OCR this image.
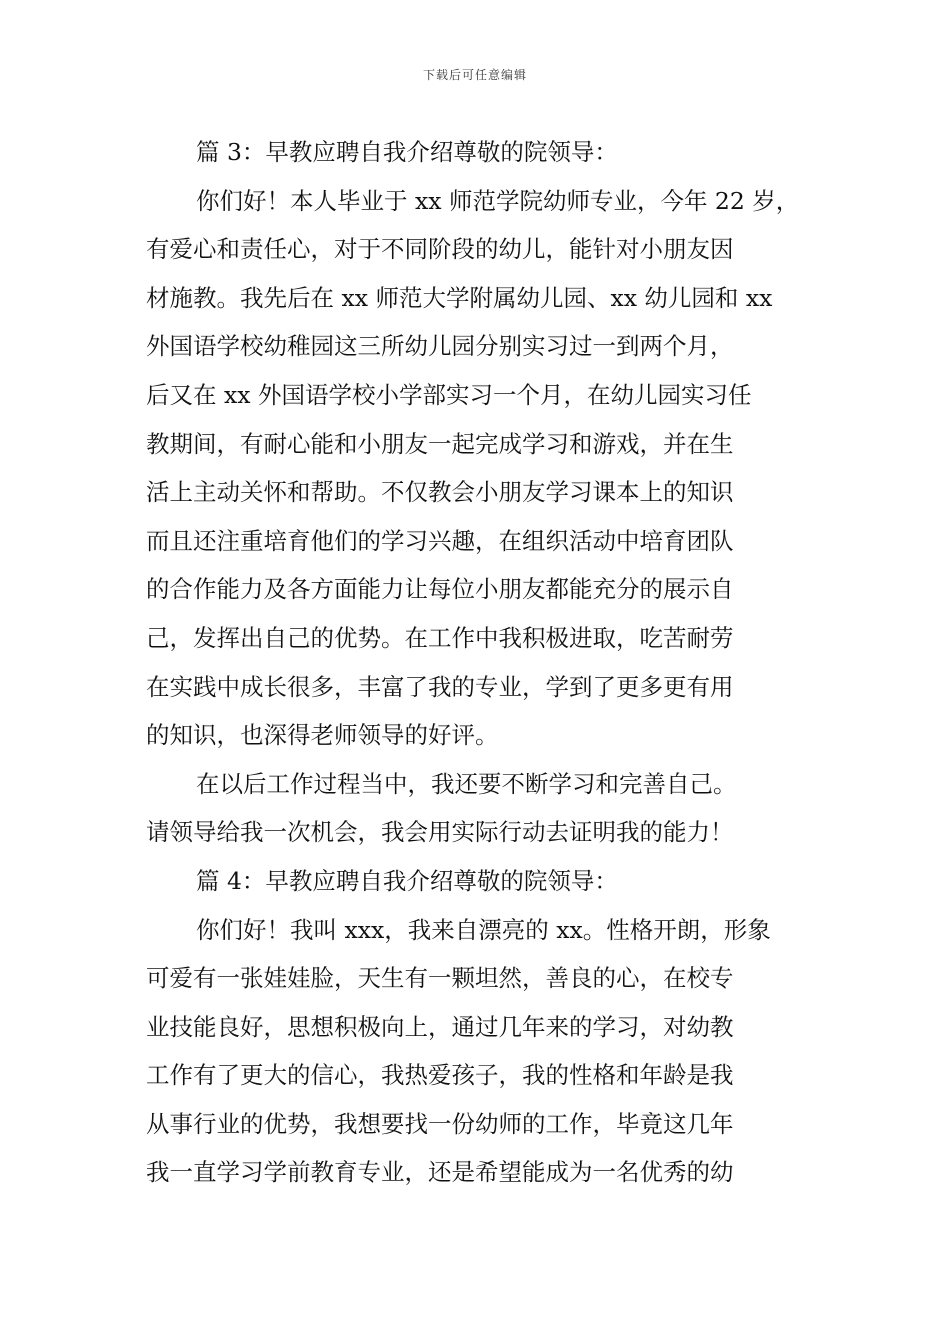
下载后可任意编辑
篇 3：早教应聘自我介绍尊敬的院领导：
你们好！本人毕业于 xx 师范学院幼师专业，今年 22 岁，
有爱心和责任心，对于不同阶段的幼儿，能针对小朋友因
材施教。我先后在 xx 师范大学附属幼儿园、xx 幼儿园和 xx
外国语学校幼稚园这三所幼儿园分别实习过一到两个月，
后又在 xx 外国语学校小学部实习一个月，在幼儿园实习任
教期间，有耐心能和小朋友一起完成学习和游戏，并在生
活上主动关怀和帮助。不仅教会小朋友学习课本上的知识
而且还注重培育他们的学习兴趣，在组织活动中培育团队
的合作能力及各方面能力让每位小朋友都能充分的展示自
己，发挥出自己的优势。在工作中我积极进取，吃苦耐劳
在实践中成长很多，丰富了我的专业，学到了更多更有用
的知识，也深得老师领导的好评。
在以后工作过程当中，我还要不断学习和完善自己。
请领导给我一次机会，我会用实际行动去证明我的能力！
篇 4：早教应聘自我介绍尊敬的院领导：
你们好！我叫 xxx，我来自漂亮的 xx。性格开朗，形象
可爱有一张娃娃脸，天生有一颗坦然，善良的心，在校专
业技能良好，思想积极向上，通过几年来的学习，对幼教
工作有了更大的信心，我热爱孩子，我的性格和年龄是我
从事行业的优势，我想要找一份幼师的工作，毕竟这几年
我一直学习学前教育专业，还是希望能成为一名优秀的幼
